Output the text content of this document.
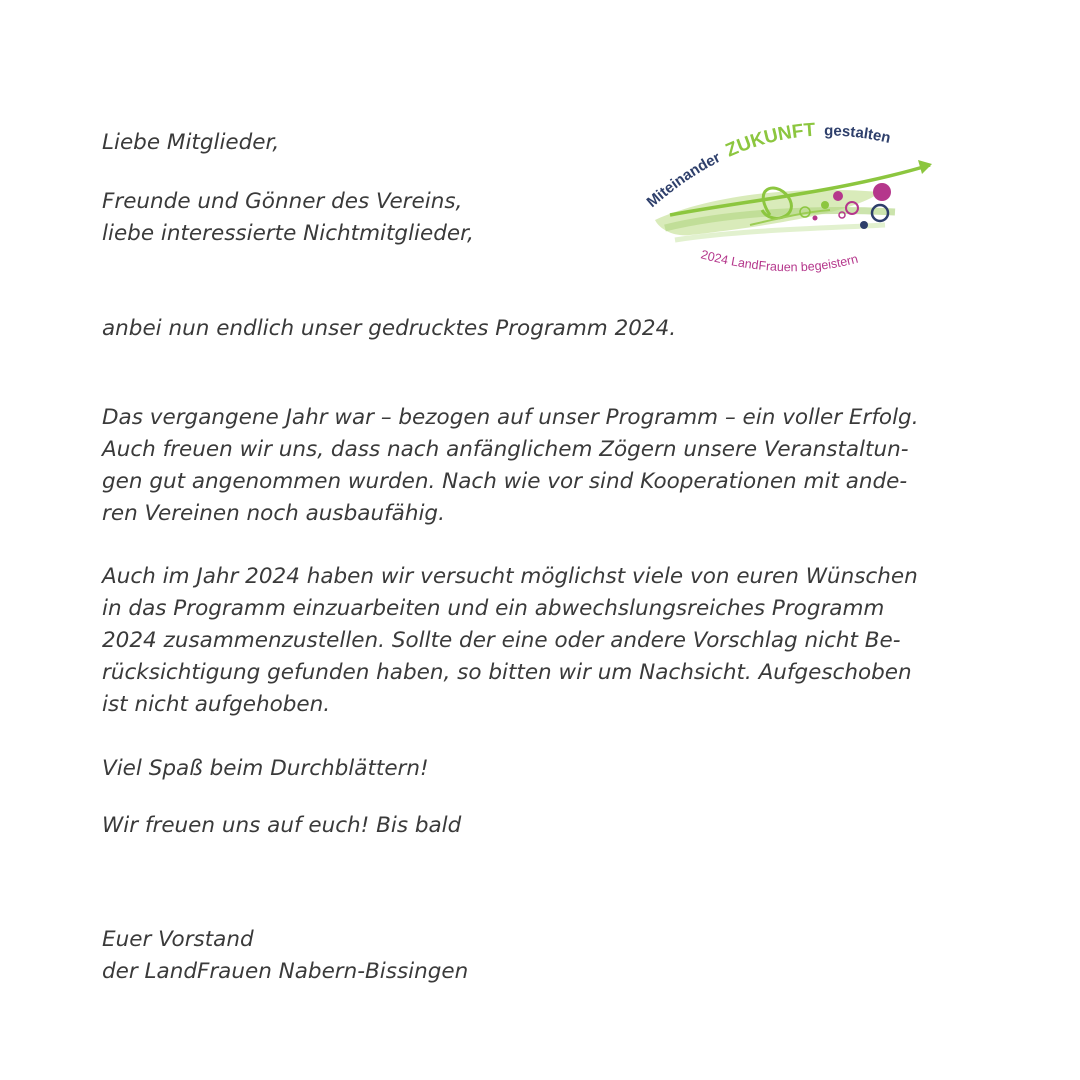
Miteinander ZUKUNFT gestalten
2024 LandFrauen begeistern

Liebe Mitglieder,

Freunde und Gönner des Vereins,

liebe interessierte Nichtmitglieder,

anbei nun endlich unser gedrucktes Programm 2024.

Das vergangene Jahr war – bezogen auf unser Programm – ein voller Erfolg.
Auch freuen wir uns, dass nach anfänglichem Zögern unsere Veranstaltun-
gen gut angenommen wurden. Nach wie vor sind Kooperationen mit ande-
ren Vereinen noch ausbaufähig.
Auch im Jahr 2024 haben wir versucht möglichst viele von euren Wünschen
in das Programm einzuarbeiten und ein abwechslungsreiches Programm
2024 zusammenzustellen. Sollte der eine oder andere Vorschlag nicht Be-
rücksichtigung gefunden haben, so bitten wir um Nachsicht. Aufgeschoben
ist nicht aufgehoben.

Viel Spaß beim Durchblättern!

Wir freuen uns auf euch! Bis bald

Euer Vorstand

der LandFrauen Nabern-Bissingen
